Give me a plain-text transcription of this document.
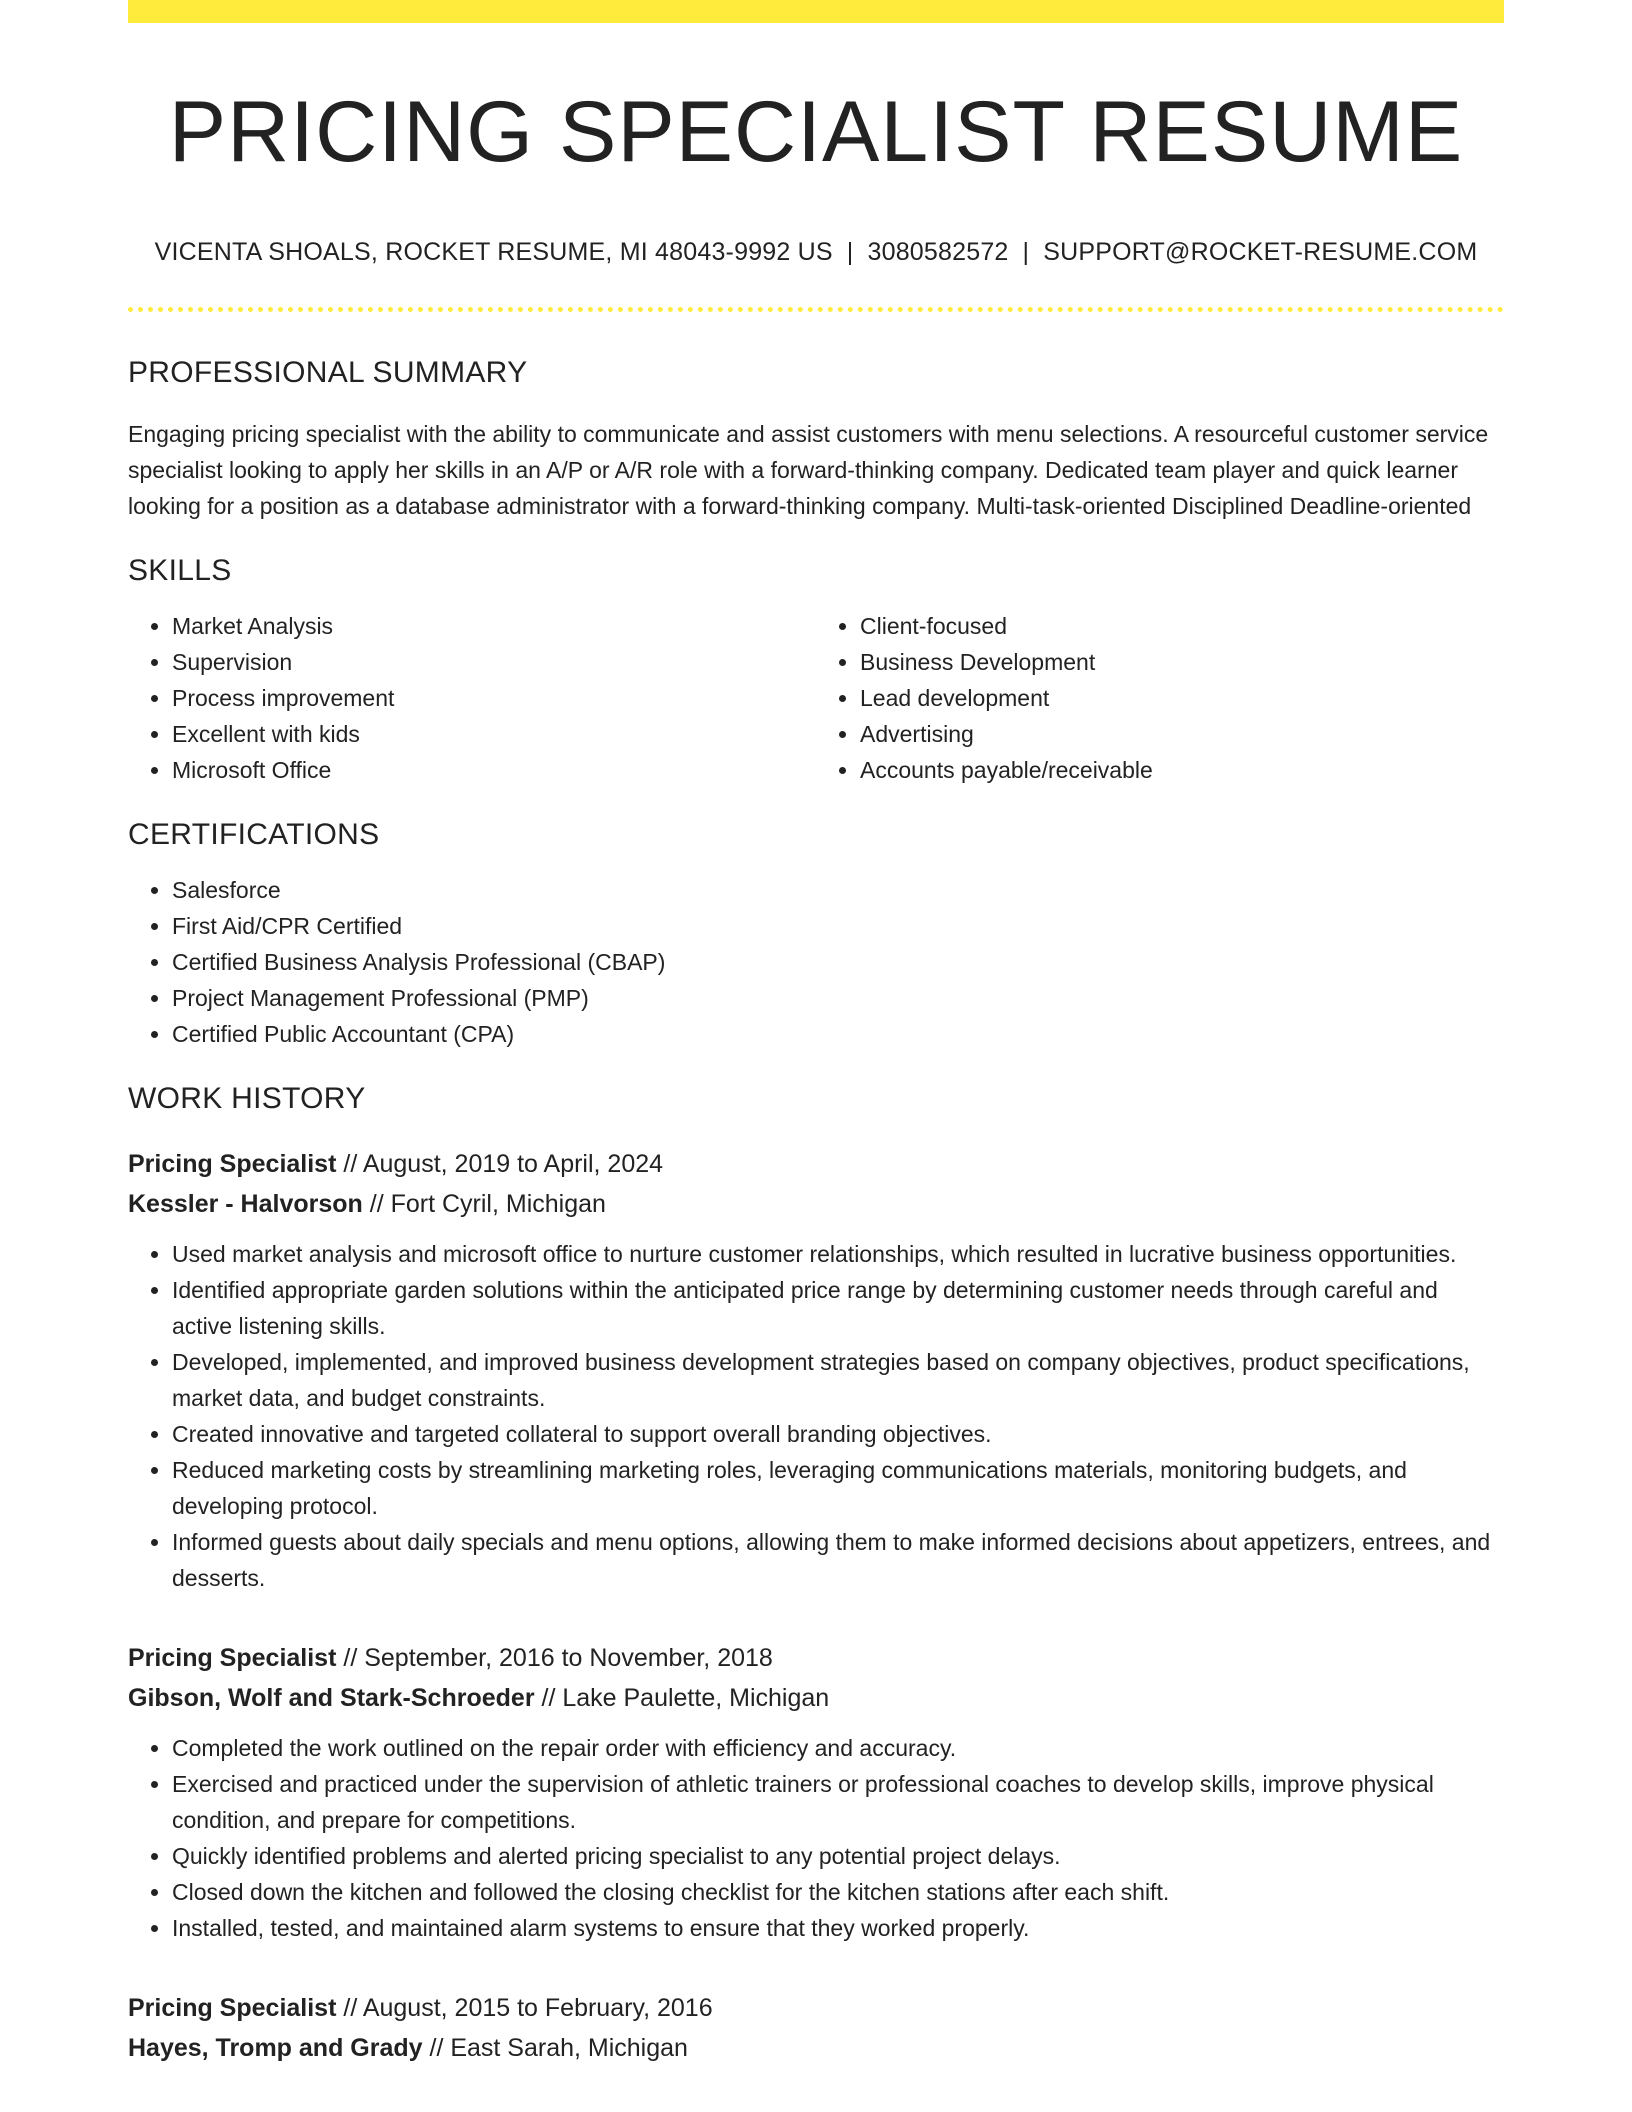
PRICING SPECIALIST RESUME
VICENTA SHOALS, ROCKET RESUME, MI 48043-9992 US | 3080582572 | SUPPORT@ROCKET-RESUME.COM
PROFESSIONAL SUMMARY

Engaging pricing specialist with the ability to communicate and assist customers with menu selections. A resourceful customer service specialist looking to apply her skills in an A/P or A/R role with a forward-thinking company. Dedicated team player and quick learner looking for a position as a database administrator with a forward-thinking company. Multi-task-oriented Disciplined Deadline-oriented

SKILLS
• Market Analysis
• Supervision
• Process improvement
• Excellent with kids
• Microsoft Office
• Client-focused
• Business Development
• Lead development
• Advertising
• Accounts payable/receivable
CERTIFICATIONS
• Salesforce
• First Aid/CPR Certified
• Certified Business Analysis Professional (CBAP)
• Project Management Professional (PMP)
• Certified Public Accountant (CPA)
WORK HISTORY
Pricing Specialist // August, 2019 to April, 2024
Kessler - Halvorson // Fort Cyril, Michigan
• Used market analysis and microsoft office to nurture customer relationships, which resulted in lucrative business opportunities.
• Identified appropriate garden solutions within the anticipated price range by determining customer needs through careful and active listening skills.
• Developed, implemented, and improved business development strategies based on company objectives, product specifications, market data, and budget constraints.
• Created innovative and targeted collateral to support overall branding objectives.
• Reduced marketing costs by streamlining marketing roles, leveraging communications materials, monitoring budgets, and developing protocol.
• Informed guests about daily specials and menu options, allowing them to make informed decisions about appetizers, entrees, and desserts.
Pricing Specialist // September, 2016 to November, 2018
Gibson, Wolf and Stark-Schroeder // Lake Paulette, Michigan
• Completed the work outlined on the repair order with efficiency and accuracy.
• Exercised and practiced under the supervision of athletic trainers or professional coaches to develop skills, improve physical condition, and prepare for competitions.
• Quickly identified problems and alerted pricing specialist to any potential project delays.
• Closed down the kitchen and followed the closing checklist for the kitchen stations after each shift.
• Installed, tested, and maintained alarm systems to ensure that they worked properly.
Pricing Specialist // August, 2015 to February, 2016
Hayes, Tromp and Grady // East Sarah, Michigan
